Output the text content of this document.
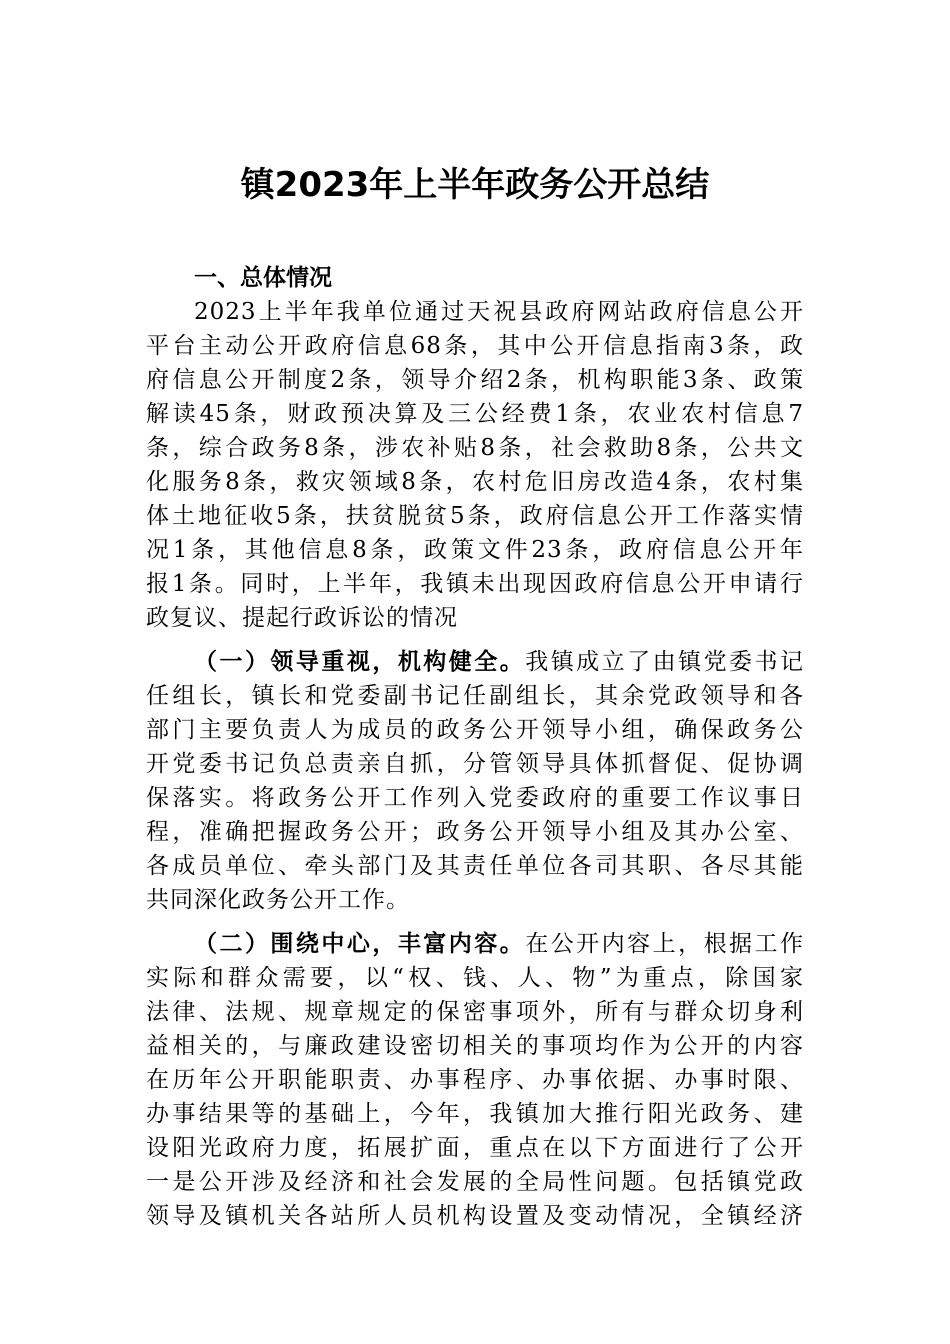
镇2023年上半年政务公开总结
一、总体情况
2023上半年我单位通过天祝县政府网站政府信息公开
平台主动公开政府信息68条，其中公开信息指南3条，政
府信息公开制度2条，领导介绍2条，机构职能3条、政策
解读45条，财政预决算及三公经费1条，农业农村信息7
条，综合政务8条，涉农补贴8条，社会救助8条，公共文
化服务8条，救灾领域8条，农村危旧房改造4条，农村集
体土地征收5条，扶贫脱贫5条，政府信息公开工作落实情
况1条，其他信息8条，政策文件23条，政府信息公开年
报1条。同时，上半年，我镇未出现因政府信息公开申请行
政复议、提起行政诉讼的情况
（一）领导重视，机构健全。我镇成立了由镇党委书记
任组长，镇长和党委副书记任副组长，其余党政领导和各
部门主要负责人为成员的政务公开领导小组，确保政务公
开党委书记负总责亲自抓，分管领导具体抓督促、促协调
保落实。将政务公开工作列入党委政府的重要工作议事日
程，准确把握政务公开；政务公开领导小组及其办公室、
各成员单位、牵头部门及其责任单位各司其职、各尽其能
共同深化政务公开工作。
（二）围绕中心，丰富内容。在公开内容上，根据工作
实际和群众需要，以“权、钱、人、物”为重点，除国家
法律、法规、规章规定的保密事项外，所有与群众切身利
益相关的，与廉政建设密切相关的事项均作为公开的内容
在历年公开职能职责、办事程序、办事依据、办事时限、
办事结果等的基础上，今年，我镇加大推行阳光政务、建
设阳光政府力度，拓展扩面，重点在以下方面进行了公开
一是公开涉及经济和社会发展的全局性问题。包括镇党政
领导及镇机关各站所人员机构设置及变动情况，全镇经济
